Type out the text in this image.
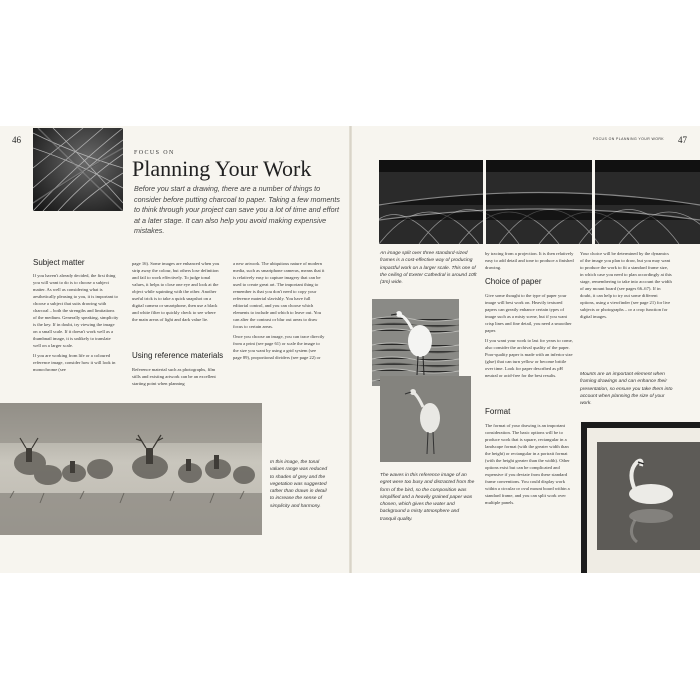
46	47
FOCUS ON PLANNING YOUR WORK
FOCUS ON
Planning Your Work
Before you start a drawing, there are a number of things to consider before putting charcoal to paper. Taking a few moments to think through your project can save you a lot of time and effort at a later stage. It can also help you avoid making expensive mistakes.
Subject matter

If you haven't already decided, the first thing you will want to do is to choose a subject matter. As well as considering what is aesthetically pleasing to you, it is important to choose a subject that suits drawing with charcoal – both the strengths and limitations of the medium. Generally speaking, simplicity is the key. If in doubt, try viewing the image on a small scale. If it doesn't work well as a thumbnail image, it is unlikely to translate well on a larger scale.

If you are working from life or a coloured reference image, consider how it will look in monochrome (see

page 16). Some images are enhanced when you strip away the colour, but others lose definition and fail to work effectively. To judge tonal values, it helps to close one eye and look at the object while squinting with the other. Another useful trick is to take a quick snapshot on a digital camera or smartphone, then use a black and white filter to quickly check to see where the main areas of light and dark value lie.

Using reference materials

Reference material such as photographs, film stills and existing artwork can be an excellent starting point when planning

a new artwork. The ubiquitous nature of modern media, such as smartphone cameras, means that it is relatively easy to capture imagery that can be used to create great art. The important thing to remember is that you don't need to copy your reference material slavishly. You have full editorial control, and you can choose which elements to include and which to leave out. You can alter the contrast or blur out areas to draw focus to certain areas.

Once you choose an image, you can trace directly from a print (see page 61) or scale the image to the size you want by using a grid system (see page 89), proportional dividers (see page 22) or

In this image, the tonal values range was reduced to shades of grey and the vegetation was suggested rather than drawn in detail to increase the sense of simplicity and harmony.
An image split over three standard-sized frames is a cost-effective way of producing impactful work on a larger scale. This one of the ceiling of Exeter Cathedral is around 10ft (3m) wide.

by tracing from a projection. It is then relatively easy to add detail and tone to produce a finished drawing.

Choice of paper

Give some thought to the type of paper your image will best work on. Heavily textured papers can greatly enhance certain types of image such as a misty scene, but if you want crisp lines and fine detail, you need a smoother paper.

If you want your work to last for years to come, also consider the archival quality of the paper. Poor-quality paper is made with an inferior size (glue) that can turn yellow or become brittle over time. Look for paper described as pH neutral or acid-free for the best results.

Format

The format of your drawing is an important consideration. The basic options will be to produce work that is square, rectangular in a landscape format (with the greater width than the height) or rectangular in a portrait format (with the height greater than the width). Other options exist but can be complicated and expensive if you deviate from these standard frame conventions. You could display work within a circular or oval mount board within a standard frame, and you can split work over multiple panels.

Your choice will be determined by the dynamics of the image you plan to draw, but you may want to produce the work to fit a standard frame size, in which case you need to plan accordingly at this stage, remembering to take into account the width of any mount board (see pages 66–67). If in doubt, it can help to try out some different options, using a viewfinder (see page 21) for live subjects or photographs – or a crop function for digital images.

Mounts are an important element when framing drawings and can enhance their presentation, so ensure you take them into account when planning the size of your work.
The waves in this reference image of an egret were too busy and distracted from the form of the bird, so the composition was simplified and a heavily grained paper was chosen, which gives the water and background a misty atmosphere and tranquil quality.
